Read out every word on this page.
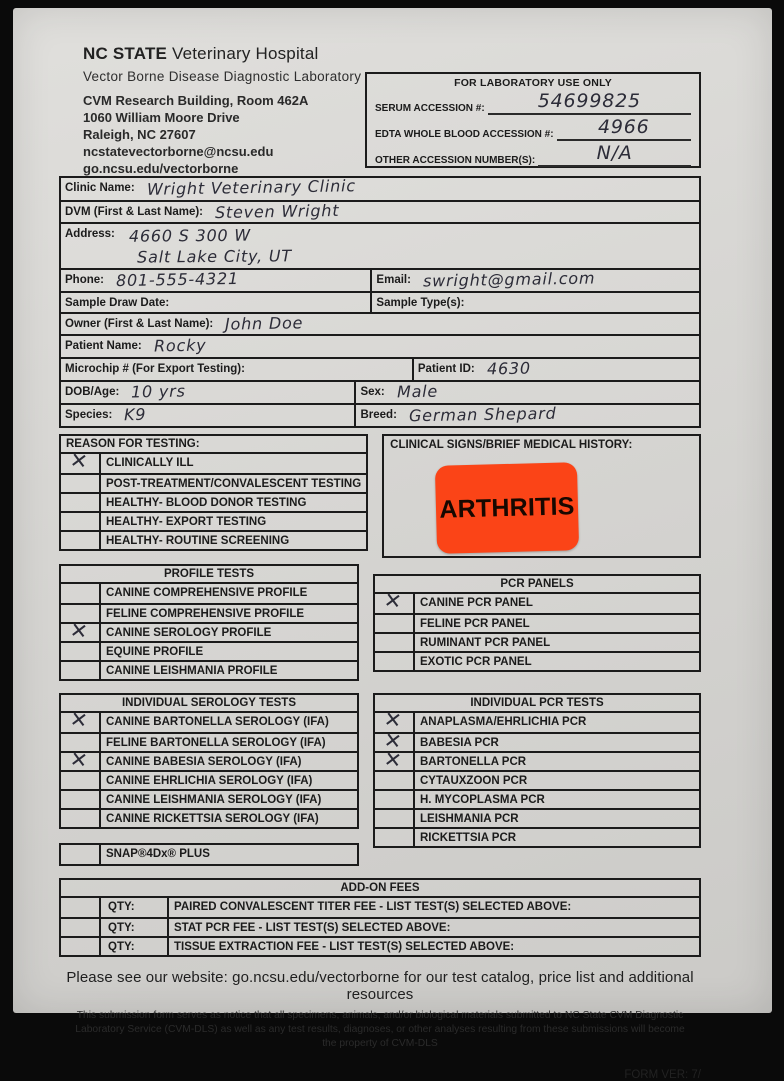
NC STATE Veterinary Hospital
Vector Borne Disease Diagnostic Laboratory
CVM Research Building, Room 462A
1060 William Moore Drive
Raleigh, NC 27607
ncstatevectorborne@ncsu.edu
go.ncsu.edu/vectorborne
FOR LABORATORY USE ONLY
SERUM ACCESSION #:	54699825
EDTA WHOLE BLOOD ACCESSION #:	4966
OTHER ACCESSION NUMBER(S):	N/A
Clinic Name: Wright Veterinary Clinic
DVM (First & Last Name): Steven Wright
Address: 4660 S 300 W
Salt Lake City, UT
Phone: 801-555-4321	Email: swright@gmail.com
Sample Draw Date:	Sample Type(s):
Owner (First & Last Name): John Doe
Patient Name: Rocky
Microchip # (For Export Testing):	Patient ID: 4630
DOB/Age: 10 yrs	Sex: Male
Species: K9	Breed: German Shepard
REASON FOR TESTING:
✕	CLINICALLY ILL
POST-TREATMENT/CONVALESCENT TESTING
HEALTHY- BLOOD DONOR TESTING
HEALTHY- EXPORT TESTING
HEALTHY- ROUTINE SCREENING
CLINICAL SIGNS/BRIEF MEDICAL HISTORY:
ARTHRITIS
PROFILE TESTS
CANINE COMPREHENSIVE PROFILE
FELINE COMPREHENSIVE PROFILE
✕	CANINE SEROLOGY PROFILE
EQUINE PROFILE
CANINE LEISHMANIA PROFILE
PCR PANELS
✕	CANINE PCR PANEL
FELINE PCR PANEL
RUMINANT PCR PANEL
EXOTIC PCR PANEL
INDIVIDUAL SEROLOGY TESTS
✕	CANINE BARTONELLA SEROLOGY (IFA)
FELINE BARTONELLA SEROLOGY (IFA)
✕	CANINE BABESIA SEROLOGY (IFA)
CANINE EHRLICHIA SEROLOGY (IFA)
CANINE LEISHMANIA SEROLOGY (IFA)
CANINE RICKETTSIA SEROLOGY (IFA)
SNAP®4Dx® PLUS
INDIVIDUAL PCR TESTS
✕	ANAPLASMA/EHRLICHIA PCR
✕	BABESIA PCR
✕	BARTONELLA PCR
CYTAUXZOON PCR
H. MYCOPLASMA PCR
LEISHMANIA PCR
RICKETTSIA PCR
ADD-ON FEES
QTY:	PAIRED CONVALESCENT TITER FEE - LIST TEST(S) SELECTED ABOVE:
QTY:	STAT PCR FEE - LIST TEST(S) SELECTED ABOVE:
QTY:	TISSUE EXTRACTION FEE - LIST TEST(S) SELECTED ABOVE:
Please see our website: go.ncsu.edu/vectorborne for our test catalog, price list and additional resources
This submission form serves as notice that all specimens, animals, and/or biological materials submitted to NC State CVM Diagnostic Laboratory Service (CVM-DLS) as well as any test results, diagnoses, or other analyses resulting from these submissions will become the property of CVM-DLS
FORM VER: 7/
